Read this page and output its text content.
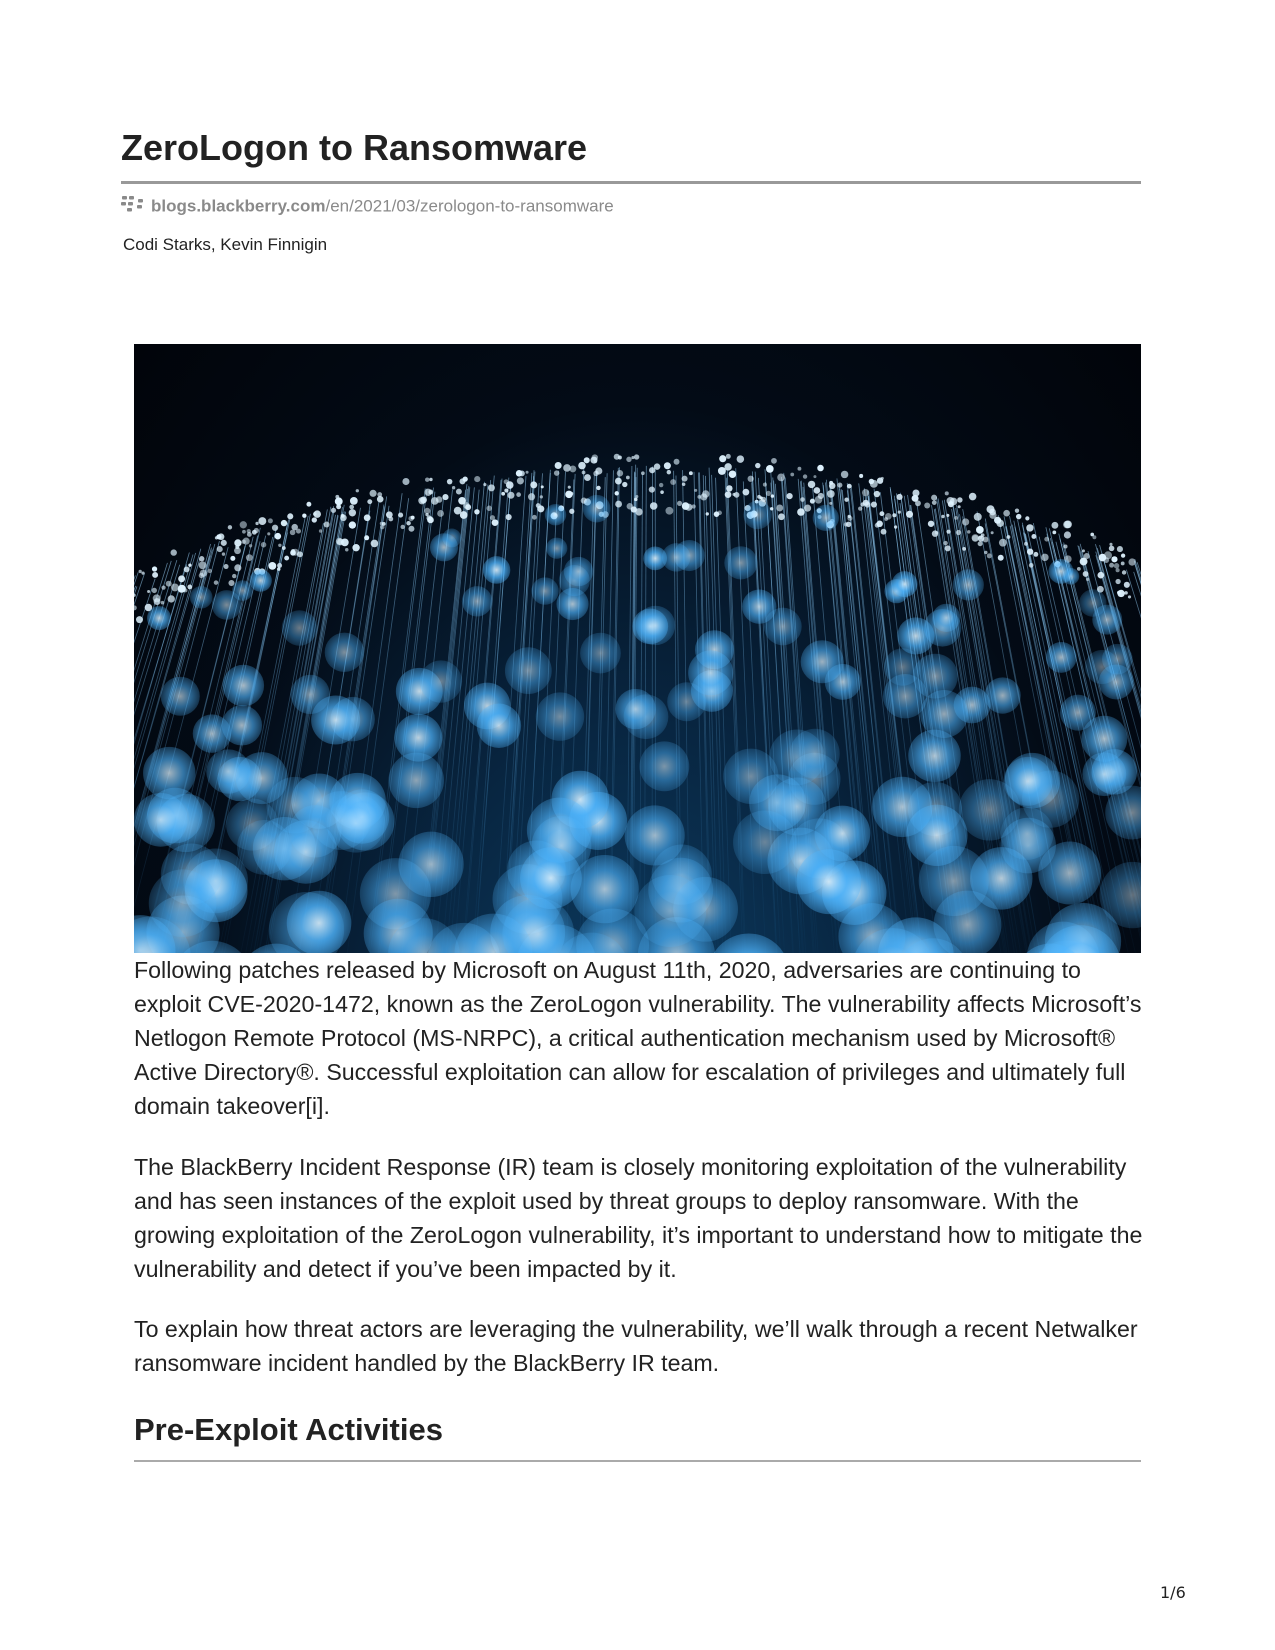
ZeroLogon to Ransomware
blogs.blackberry.com/en/2021/03/zerologon-to-ransomware
Codi Starks, Kevin Finnigin

Following patches released by Microsoft on August 11th, 2020, adversaries are continuing to exploit CVE-2020-1472, known as the ZeroLogon vulnerability. The vulnerability affects Microsoft’s Netlogon Remote Protocol (MS-NRPC), a critical authentication mechanism used by Microsoft® Active Directory®. Successful exploitation can allow for escalation of privileges and ultimately full domain takeover[i].

The BlackBerry Incident Response (IR) team is closely monitoring exploitation of the vulnerability and has seen instances of the exploit used by threat groups to deploy ransomware. With the growing exploitation of the ZeroLogon vulnerability, it’s important to understand how to mitigate the vulnerability and detect if you’ve been impacted by it.

To explain how threat actors are leveraging the vulnerability, we’ll walk through a recent Netwalker ransomware incident handled by the BlackBerry IR team.

Pre-Exploit Activities
1/6
